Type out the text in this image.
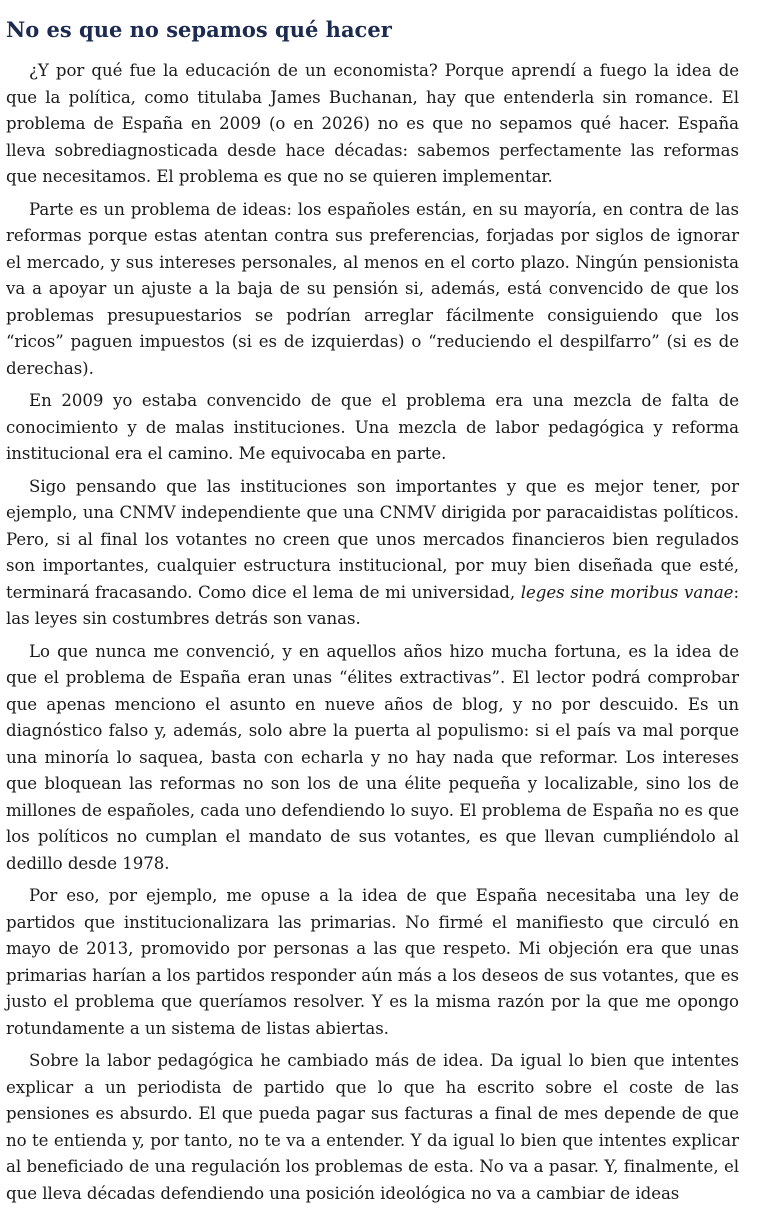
No es que no sepamos qué hacer

¿Y por qué fue la educación de un economista? Porque aprendí a fuego la idea de que la política, como titulaba James Buchanan, hay que entenderla sin romance. El problema de España en 2009 (o en 2026) no es que no sepamos qué hacer. España lleva sobrediagnosticada desde hace décadas: sabemos perfectamente las reformas que necesitamos. El problema es que no se quieren implementar.

Parte es un problema de ideas: los españoles están, en su mayoría, en contra de las reformas porque estas atentan contra sus preferencias, forjadas por siglos de ignorar el mercado, y sus intereses personales, al menos en el corto plazo. Ningún pensionista va a apoyar un ajuste a la baja de su pensión si, además, está convencido de que los problemas presupuestarios se podrían arreglar fácilmente consiguiendo que los “ricos” paguen impuestos (si es de izquierdas) o “reduciendo el despilfarro” (si es de derechas).

En 2009 yo estaba convencido de que el problema era una mezcla de falta de conocimiento y de malas instituciones. Una mezcla de labor pedagógica y reforma institucional era el camino. Me equivocaba en parte.

Sigo pensando que las instituciones son importantes y que es mejor tener, por ejemplo, una CNMV independiente que una CNMV dirigida por paracaidistas políticos. Pero, si al final los votantes no creen que unos mercados financieros bien regulados son importantes, cualquier estructura institucional, por muy bien diseñada que esté, terminará fracasando. Como dice el lema de mi universidad, leges sine moribus vanae: las leyes sin costumbres detrás son vanas.

Lo que nunca me convenció, y en aquellos años hizo mucha fortuna, es la idea de que el problema de España eran unas “élites extractivas”. El lector podrá comprobar que apenas menciono el asunto en nueve años de blog, y no por descuido. Es un diagnóstico falso y, además, solo abre la puerta al populismo: si el país va mal porque una minoría lo saquea, basta con echarla y no hay nada que reformar. Los intereses que bloquean las reformas no son los de una élite pequeña y localizable, sino los de millones de españoles, cada uno defendiendo lo suyo. El problema de España no es que los políticos no cumplan el mandato de sus votantes, es que llevan cumpliéndolo al dedillo desde 1978.

Por eso, por ejemplo, me opuse a la idea de que España necesitaba una ley de partidos que institucionalizara las primarias. No firmé el manifiesto que circuló en mayo de 2013, promovido por personas a las que respeto. Mi objeción era que unas primarias harían a los partidos responder aún más a los deseos de sus votantes, que es justo el problema que queríamos resolver. Y es la misma razón por la que me opongo rotundamente a un sistema de listas abiertas.

Sobre la labor pedagógica he cambiado más de idea. Da igual lo bien que intentes explicar a un periodista de partido que lo que ha escrito sobre el coste de las pensiones es absurdo. El que pueda pagar sus facturas a final de mes depende de que no te entienda y, por tanto, no te va a entender. Y da igual lo bien que intentes explicar al beneficiado de una regulación los problemas de esta. No va a pasar. Y, finalmente, el que lleva décadas defendiendo una posición ideológica no va a cambiar de ideas
